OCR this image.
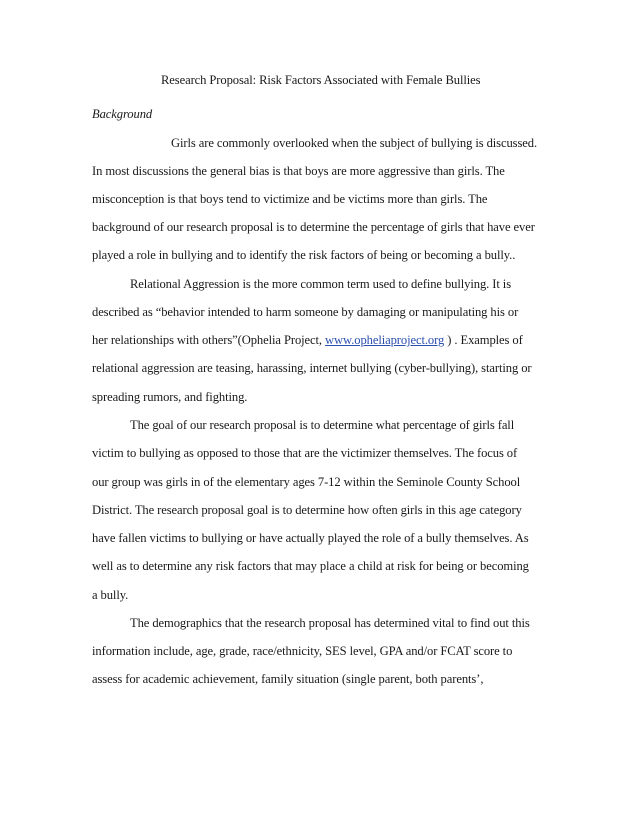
Research Proposal: Risk Factors Associated with Female Bullies
Background
Girls are commonly overlooked when the subject of bullying is discussed.
In most discussions the general bias is that boys are more aggressive than girls. The
misconception is that boys tend to victimize and be victims more than girls. The
background of our research proposal is to determine the percentage of girls that have ever
played a role in bullying and to identify the risk factors of being or becoming a bully..
Relational Aggression is the more common term used to define bullying. It is
described as “behavior intended to harm someone by damaging or manipulating his or
her relationships with others”(Ophelia Project, www.opheliaproject.org ) . Examples of
relational aggression are teasing, harassing, internet bullying (cyber-bullying), starting or
spreading rumors, and fighting.
The goal of our research proposal is to determine what percentage of girls fall
victim to bullying as opposed to those that are the victimizer themselves. The focus of
our group was girls in of the elementary ages 7-12 within the Seminole County School
District. The research proposal goal is to determine how often girls in this age category
have fallen victims to bullying or have actually played the role of a bully themselves. As
well as to determine any risk factors that may place a child at risk for being or becoming
a bully.
The demographics that the research proposal has determined vital to find out this
information include, age, grade, race/ethnicity, SES level, GPA and/or FCAT score to
assess for academic achievement, family situation (single parent, both parents’,
